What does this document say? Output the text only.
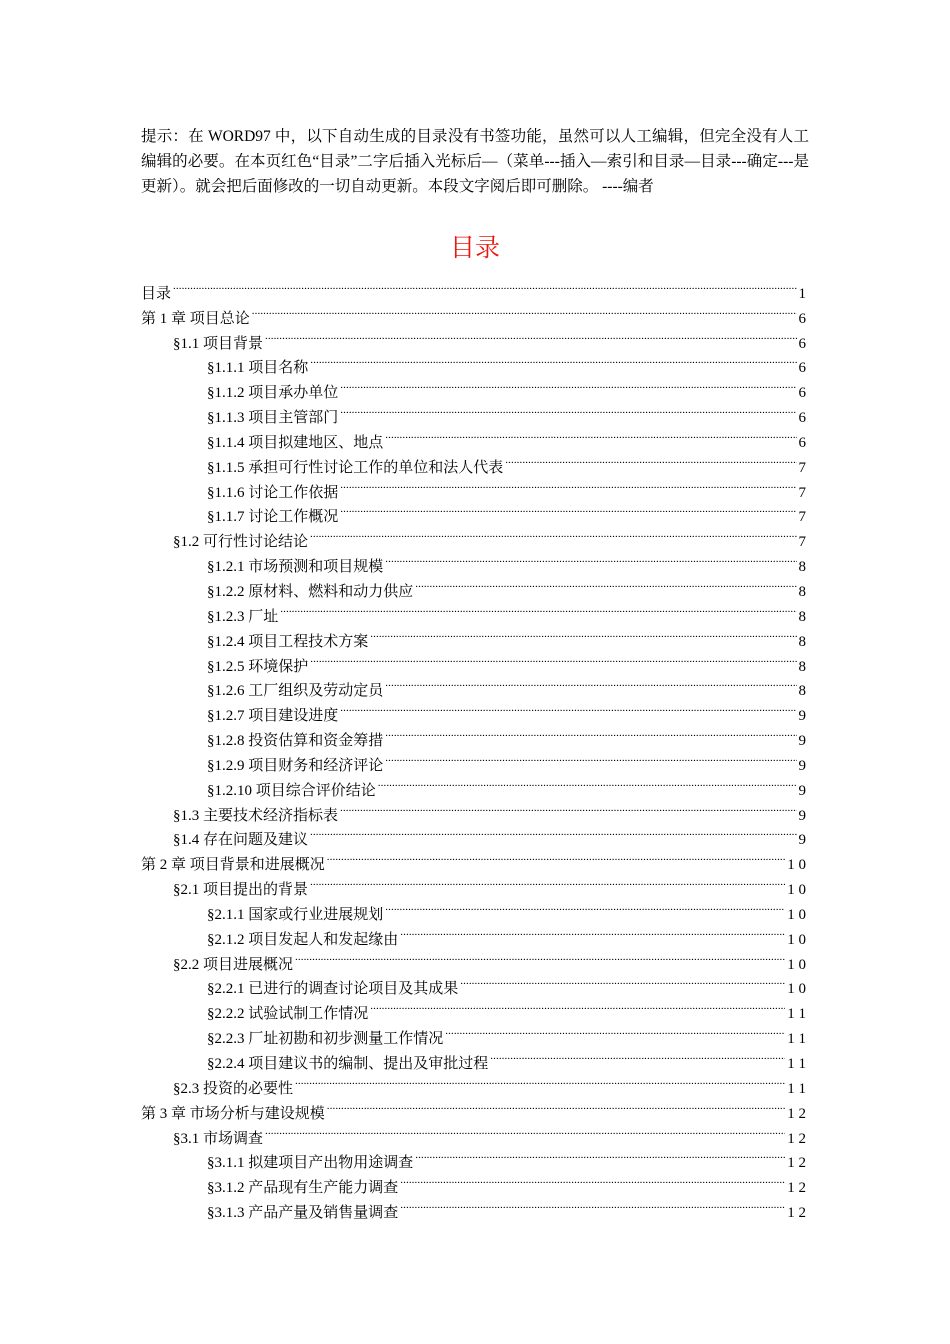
提示：在 WORD97 中，以下自动生成的目录没有书签功能，虽然可以人工编辑，但完全没有人工编辑的必要。在本页红色“目录”二字后插入光标后—（菜单---插入—索引和目录—目录---确定---是更新）。就会把后面修改的一切自动更新。本段文字阅后即可删除。 ----编者
目录
目录 .....	1
第 1 章 项目总论 .....	6
§1.1 项目背景 .....	6
§1.1.1 项目名称 .....	6
§1.1.2 项目承办单位 .....	6
§1.1.3 项目主管部门 .....	6
§1.1.4 项目拟建地区、地点 .....	6
§1.1.5 承担可行性讨论工作的单位和法人代表 .....	7
§1.1.6 讨论工作依据 .....	7
§1.1.7 讨论工作概况 .....	7
§1.2 可行性讨论结论 .....	7
§1.2.1 市场预测和项目规模 .....	8
§1.2.2 原材料、燃料和动力供应 .....	8
§1.2.3 厂址 .....	8
§1.2.4 项目工程技术方案 .....	8
§1.2.5 环境保护 .....	8
§1.2.6 工厂组织及劳动定员 .....	8
§1.2.7 项目建设进度 .....	9
§1.2.8 投资估算和资金筹措 .....	9
§1.2.9 项目财务和经济评论 .....	9
§1.2.10 项目综合评价结论 .....	9
§1.3 主要技术经济指标表 .....	9
§1.4 存在问题及建议 .....	9
第 2 章 项目背景和进展概况 .....	1 0
§2.1 项目提出的背景 .....	1 0
§2.1.1 国家或行业进展规划 .....	1 0
§2.1.2 项目发起人和发起缘由 .....	1 0
§2.2 项目进展概况 .....	1 0
§2.2.1 已进行的调查讨论项目及其成果 .....	1 0
§2.2.2 试验试制工作情况 .....	1 1
§2.2.3 厂址初勘和初步测量工作情况 .....	1 1
§2.2.4 项目建议书的编制、提出及审批过程 .....	1 1
§2.3 投资的必要性 .....	1 1
第 3 章 市场分析与建设规模 .....	1 2
§3.1 市场调查 .....	1 2
§3.1.1 拟建项目产出物用途调查 .....	1 2
§3.1.2 产品现有生产能力调查 .....	1 2
§3.1.3 产品产量及销售量调查 .....	1 2
